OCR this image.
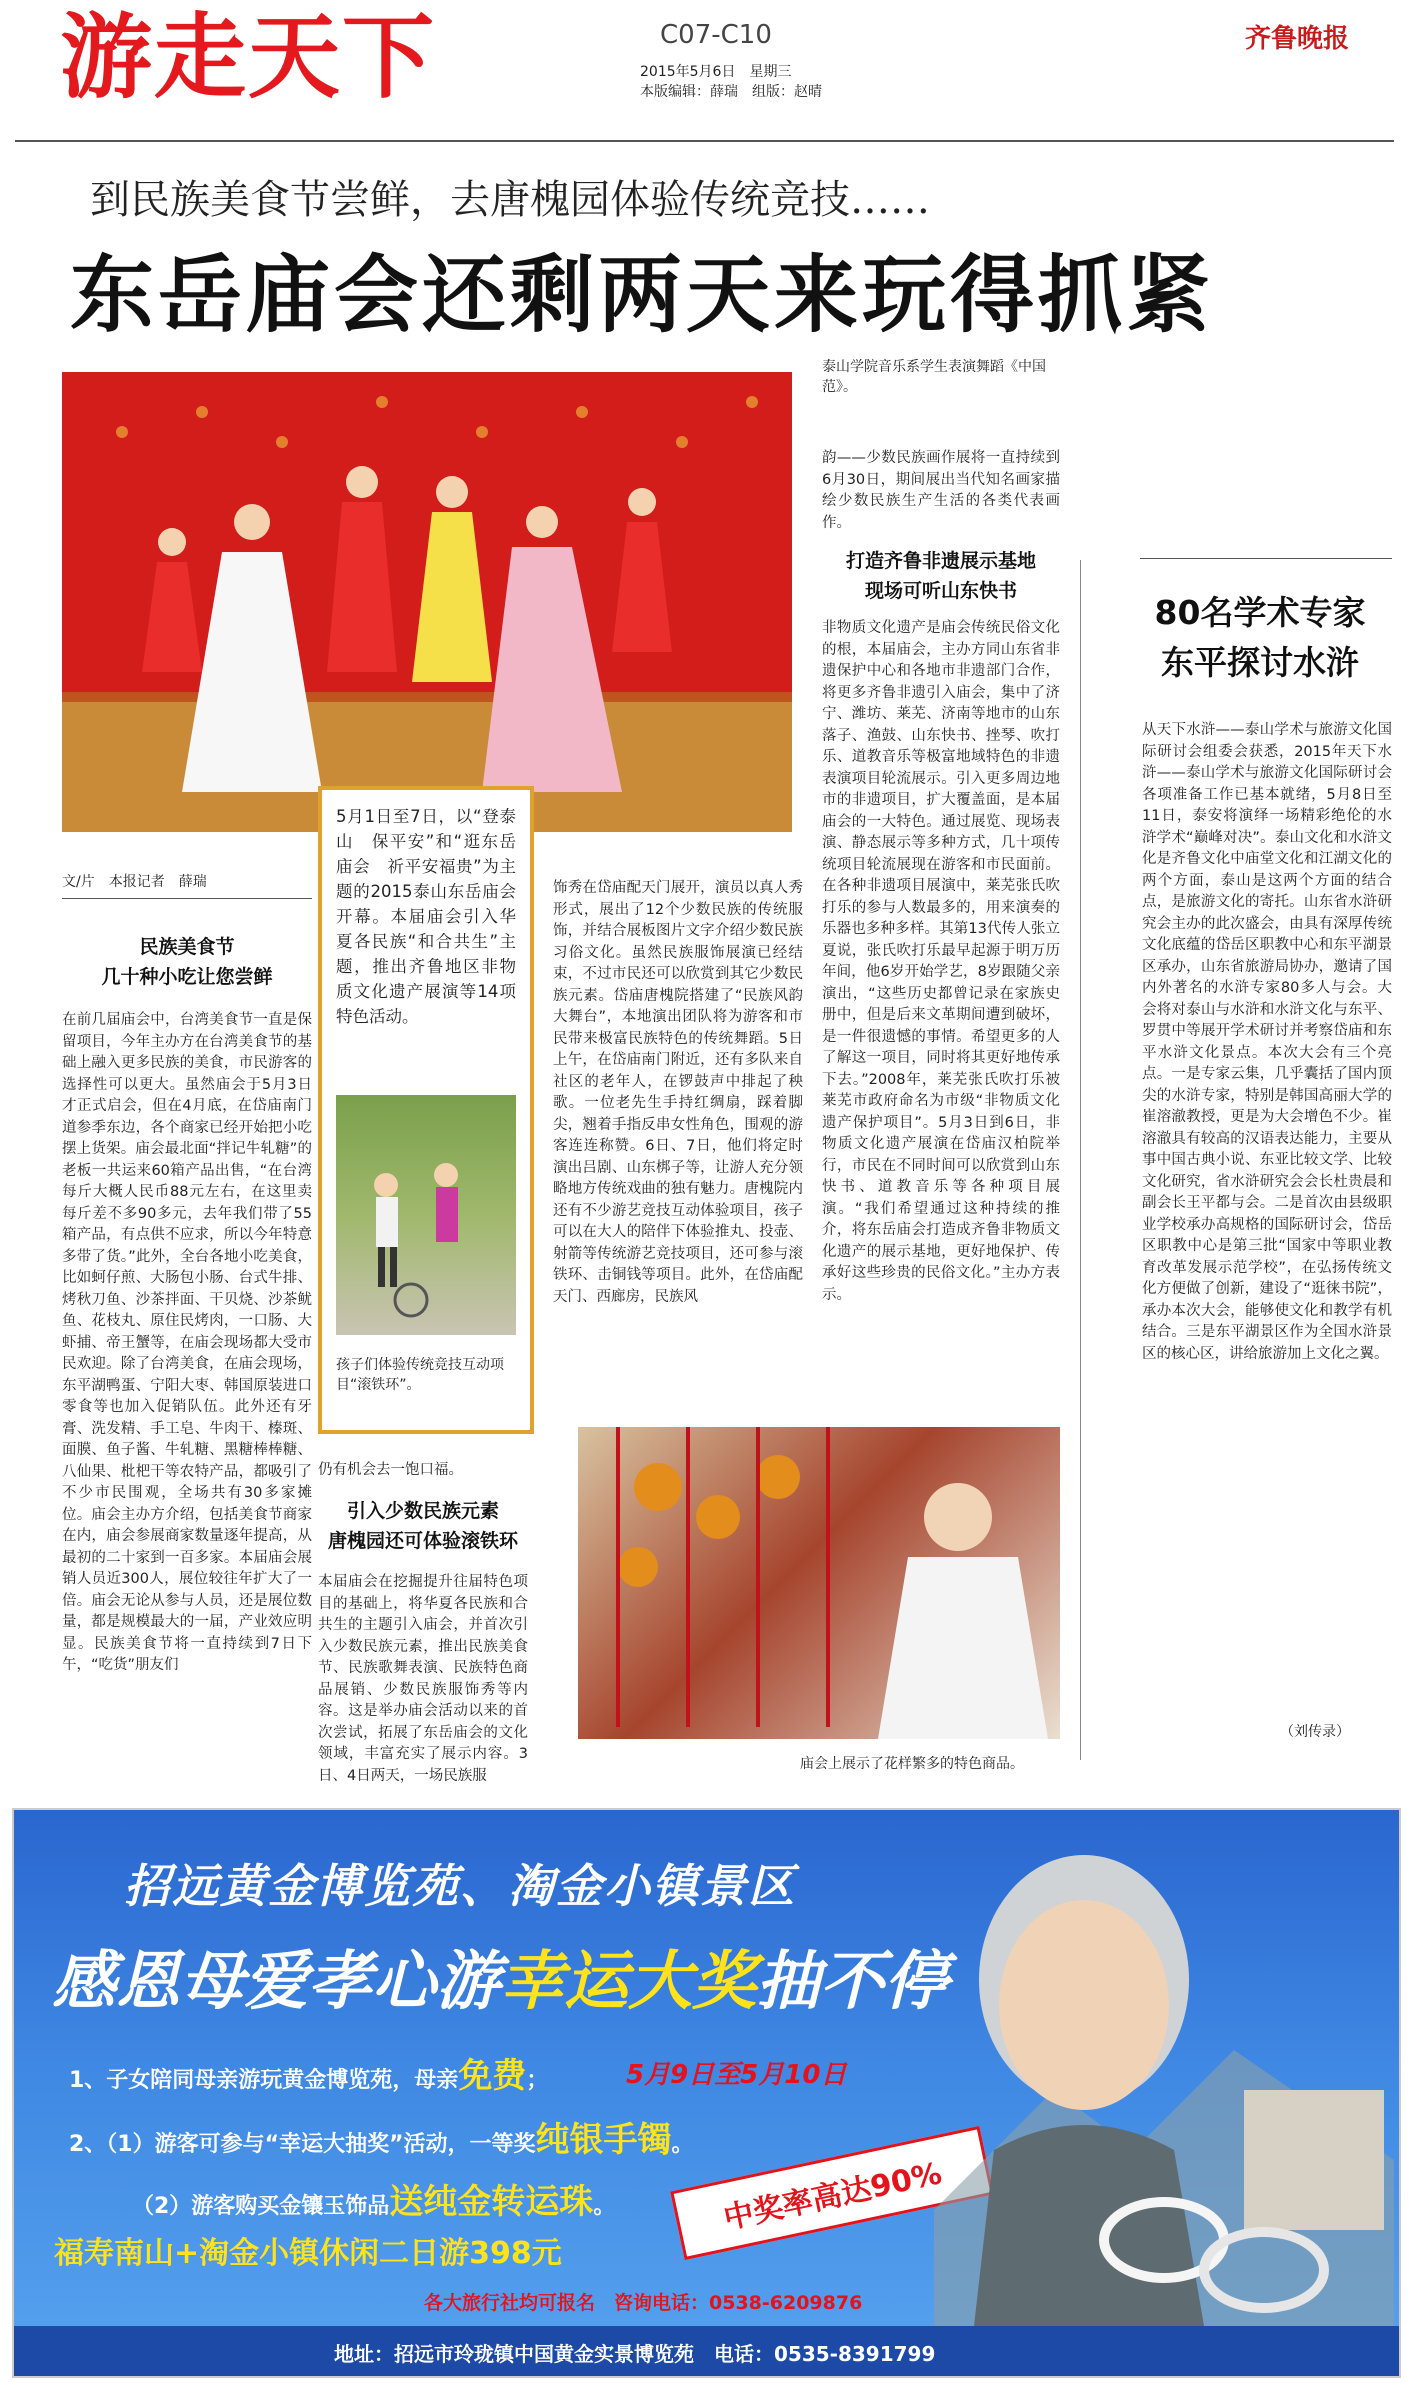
游走天下	C07-C10
2015年5月6日　星期三
本版编辑：薛瑞　组版：赵晴
齐鲁晚报
到民族美食节尝鲜，去唐槐园体验传统竞技……
东岳庙会还剩两天来玩得抓紧
泰山学院音乐系学生表演舞蹈《中国范》。
文/片　本报记者　薛瑞
民族美食节
几十种小吃让您尝鲜
在前几届庙会中，台湾美食节一直是保留项目，今年主办方在台湾美食节的基础上融入更多民族的美食，市民游客的选择性可以更大。虽然庙会于5月3日才正式启会，但在4月底，在岱庙南门道参季东边，各个商家已经开始把小吃摆上货架。庙会最北面“拌记牛轧糖”的老板一共运来60箱产品出售，“在台湾每斤大概人民币88元左右，在这里卖每斤差不多90多元，去年我们带了55箱产品，有点供不应求，所以今年特意多带了货。”此外，全台各地小吃美食，比如蚵仔煎、大肠包小肠、台式牛排、烤秋刀鱼、沙茶拌面、干贝烧、沙茶鱿鱼、花枝丸、原住民烤肉，一口肠、大虾捕、帝王蟹等，在庙会现场都大受市民欢迎。除了台湾美食，在庙会现场，东平湖鸭蛋、宁阳大枣、韩国原装进口零食等也加入促销队伍。此外还有牙膏、洗发精、手工皂、牛肉干、榛斑、面膜、鱼子酱、牛轧糖、黑糖棒棒糖、八仙果、枇杷干等农特产品，都吸引了不少市民围观，全场共有30多家摊位。庙会主办方介绍，包括美食节商家在内，庙会参展商家数量逐年提高，从最初的二十家到一百多家。本届庙会展销人员近300人，展位较往年扩大了一倍。庙会无论从参与人员，还是展位数量，都是规模最大的一届，产业效应明显。民族美食节将一直持续到7日下午，“吃货”朋友们
5月1日至7日，以“登泰山　保平安”和“逛东岳庙会　祈平安福贵”为主题的2015泰山东岳庙会开幕。本届庙会引入华夏各民族“和合共生”主题，推出齐鲁地区非物质文化遗产展演等14项特色活动。
孩子们体验传统竞技互动项目“滚铁环”。
仍有机会去一饱口福。
引入少数民族元素
唐槐园还可体验滚铁环
本届庙会在挖掘提升往届特色项目的基础上，将华夏各民族和合共生的主题引入庙会，并首次引入少数民族元素，推出民族美食节、民族歌舞表演、民族特色商品展销、少数民族服饰秀等内容。这是举办庙会活动以来的首次尝试，拓展了东岳庙会的文化领域，丰富充实了展示内容。3日、4日两天，一场民族服
饰秀在岱庙配天门展开，演员以真人秀形式，展出了12个少数民族的传统服饰，并结合展板图片文字介绍少数民族习俗文化。虽然民族服饰展演已经结束，不过市民还可以欣赏到其它少数民族元素。岱庙唐槐院搭建了“民族风韵大舞台”，本地演出团队将为游客和市民带来极富民族特色的传统舞蹈。5日上午，在岱庙南门附近，还有多队来自社区的老年人，在锣鼓声中排起了秧歌。一位老先生手持红绸扇，踩着脚尖，翘着手指反串女性角色，围观的游客连连称赞。6日、7日，他们将定时演出吕剧、山东梆子等，让游人充分领略地方传统戏曲的独有魅力。唐槐院内还有不少游艺竞技互动体验项目，孩子可以在大人的陪伴下体验推丸、投壶、射箭等传统游艺竞技项目，还可参与滚铁环、击铜钱等项目。此外，在岱庙配天门、西廊房，民族风
韵——少数民族画作展将一直持续到6月30日，期间展出当代知名画家描绘少数民族生产生活的各类代表画作。
打造齐鲁非遗展示基地
现场可听山东快书
非物质文化遗产是庙会传统民俗文化的根，本届庙会，主办方同山东省非遗保护中心和各地市非遗部门合作，将更多齐鲁非遗引入庙会，集中了济宁、潍坊、莱芜、济南等地市的山东落子、渔鼓、山东快书、挫琴、吹打乐、道教音乐等极富地域特色的非遗表演项目轮流展示。引入更多周边地市的非遗项目，扩大覆盖面，是本届庙会的一大特色。通过展览、现场表演、静态展示等多种方式，几十项传统项目轮流展现在游客和市民面前。在各种非遗项目展演中，莱芜张氏吹打乐的参与人数最多的，用来演奏的乐器也多种多样。其第13代传人张立夏说，张氏吹打乐最早起源于明万历年间，他6岁开始学艺，8岁跟随父亲演出，“这些历史都曾记录在家族史册中，但是后来文革期间遭到破坏，是一件很遗憾的事情。希望更多的人了解这一项目，同时将其更好地传承下去。”2008年，莱芜张氏吹打乐被莱芜市政府命名为市级“非物质文化遗产保护项目”。5月3日到6日，非物质文化遗产展演在岱庙汉柏院举行，市民在不同时间可以欣赏到山东快书、道教音乐等各种项目展演。“我们希望通过这种持续的推介，将东岳庙会打造成齐鲁非物质文化遗产的展示基地，更好地保护、传承好这些珍贵的民俗文化。”主办方表示。
庙会上展示了花样繁多的特色商品。
80名学术专家
东平探讨水浒
从天下水浒——泰山学术与旅游文化国际研讨会组委会获悉，2015年天下水浒——泰山学术与旅游文化国际研讨会各项准备工作已基本就绪，5月8日至11日，泰安将演绎一场精彩绝伦的水浒学术“巅峰对决”。泰山文化和水浒文化是齐鲁文化中庙堂文化和江湖文化的两个方面，泰山是这两个方面的结合点，是旅游文化的寄托。山东省水浒研究会主办的此次盛会，由具有深厚传统文化底蕴的岱岳区职教中心和东平湖景区承办，山东省旅游局协办，邀请了国内外著名的水浒专家80多人与会。大会将对泰山与水浒和水浒文化与东平、罗贯中等展开学术研讨并考察岱庙和东平水浒文化景点。本次大会有三个亮点。一是专家云集，几乎囊括了国内顶尖的水浒专家，特别是韩国高丽大学的崔溶澈教授，更是为大会增色不少。崔溶澈具有较高的汉语表达能力，主要从事中国古典小说、东亚比较文学、比较文化研究，省水浒研究会会长杜贵晨和副会长王平都与会。二是首次由县级职业学校承办高规格的国际研讨会，岱岳区职教中心是第三批“国家中等职业教育改革发展示范学校”，在弘扬传统文化方便做了创新，建设了“逛徕书院”，承办本次大会，能够使文化和教学有机结合。三是东平湖景区作为全国水浒景区的核心区，讲给旅游加上文化之翼。
（刘传录）
招远黄金博览苑、淘金小镇景区
感恩母爱孝心游幸运大奖抽不停
1、子女陪同母亲游玩黄金博览苑，母亲免费；	5月9日至5月10日
2、（1）游客可参与“幸运大抽奖”活动，一等奖纯银手镯。
（2）游客购买金镶玉饰品送纯金转运珠。
福寿南山+淘金小镇休闲二日游398元
中奖率高达90%
各大旅行社均可报名　咨询电话：0538-6209876
地址：招远市玲珑镇中国黄金实景博览苑　电话：0535-8391799
